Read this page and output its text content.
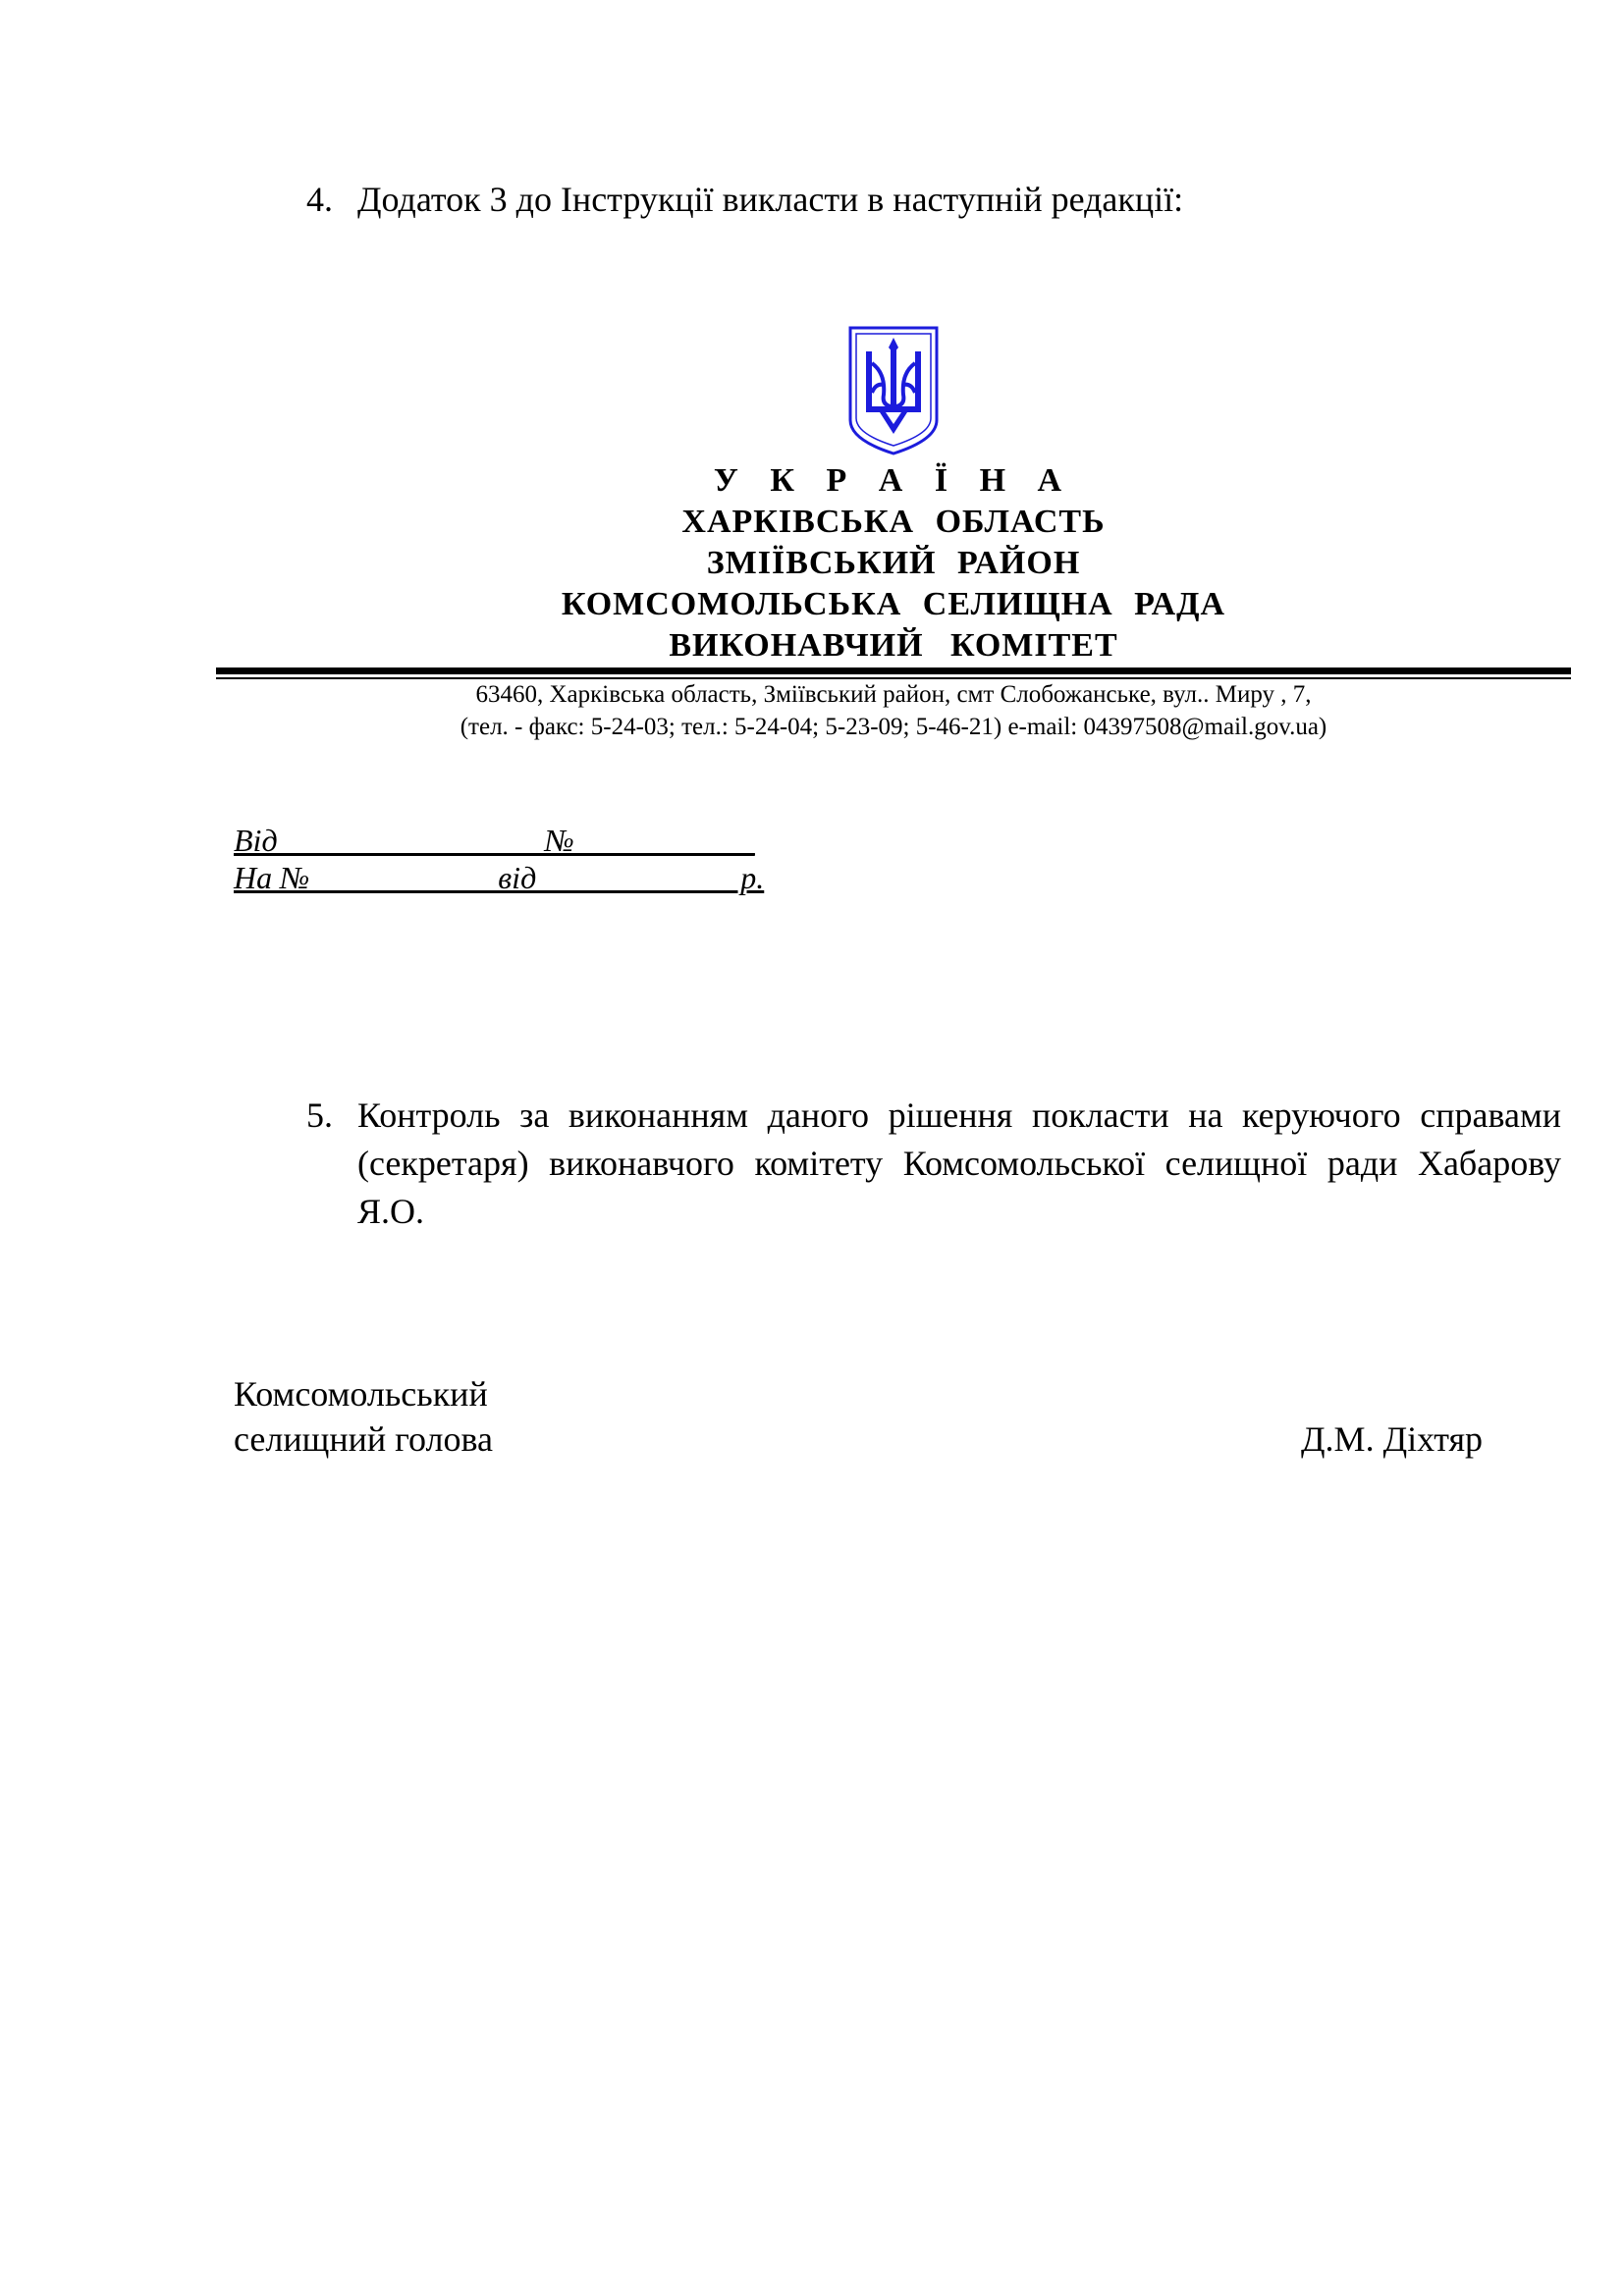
4. Додаток 3 до Інструкції викласти в наступній редакції:
У К Р А Ї Н А
ХАРКІВСЬКА ОБЛАСТЬ
ЗМІЇВСЬКИЙ РАЙОН
КОМСОМОЛЬСЬКА СЕЛИЩНА РАДА
ВИКОНАВЧИЙ КОМІТЕТ
63460, Харківська область, Зміївський район, смт Слобожанське, вул.. Миру , 7,
(тел. - факс: 5-24-03; тел.: 5-24-04; 5-23-09; 5-46-21) e-mail: 04397508@mail.gov.ua)
Від ________________ № ___________
На № ___________ від ____________ р.
5. Контроль за виконанням даного рішення покласти на керуючого справами (секретаря) виконавчого комітету Комсомольської селищної ради Хабарову Я.О.
Комсомольський
селищний голова	Д.М. Діхтяр
